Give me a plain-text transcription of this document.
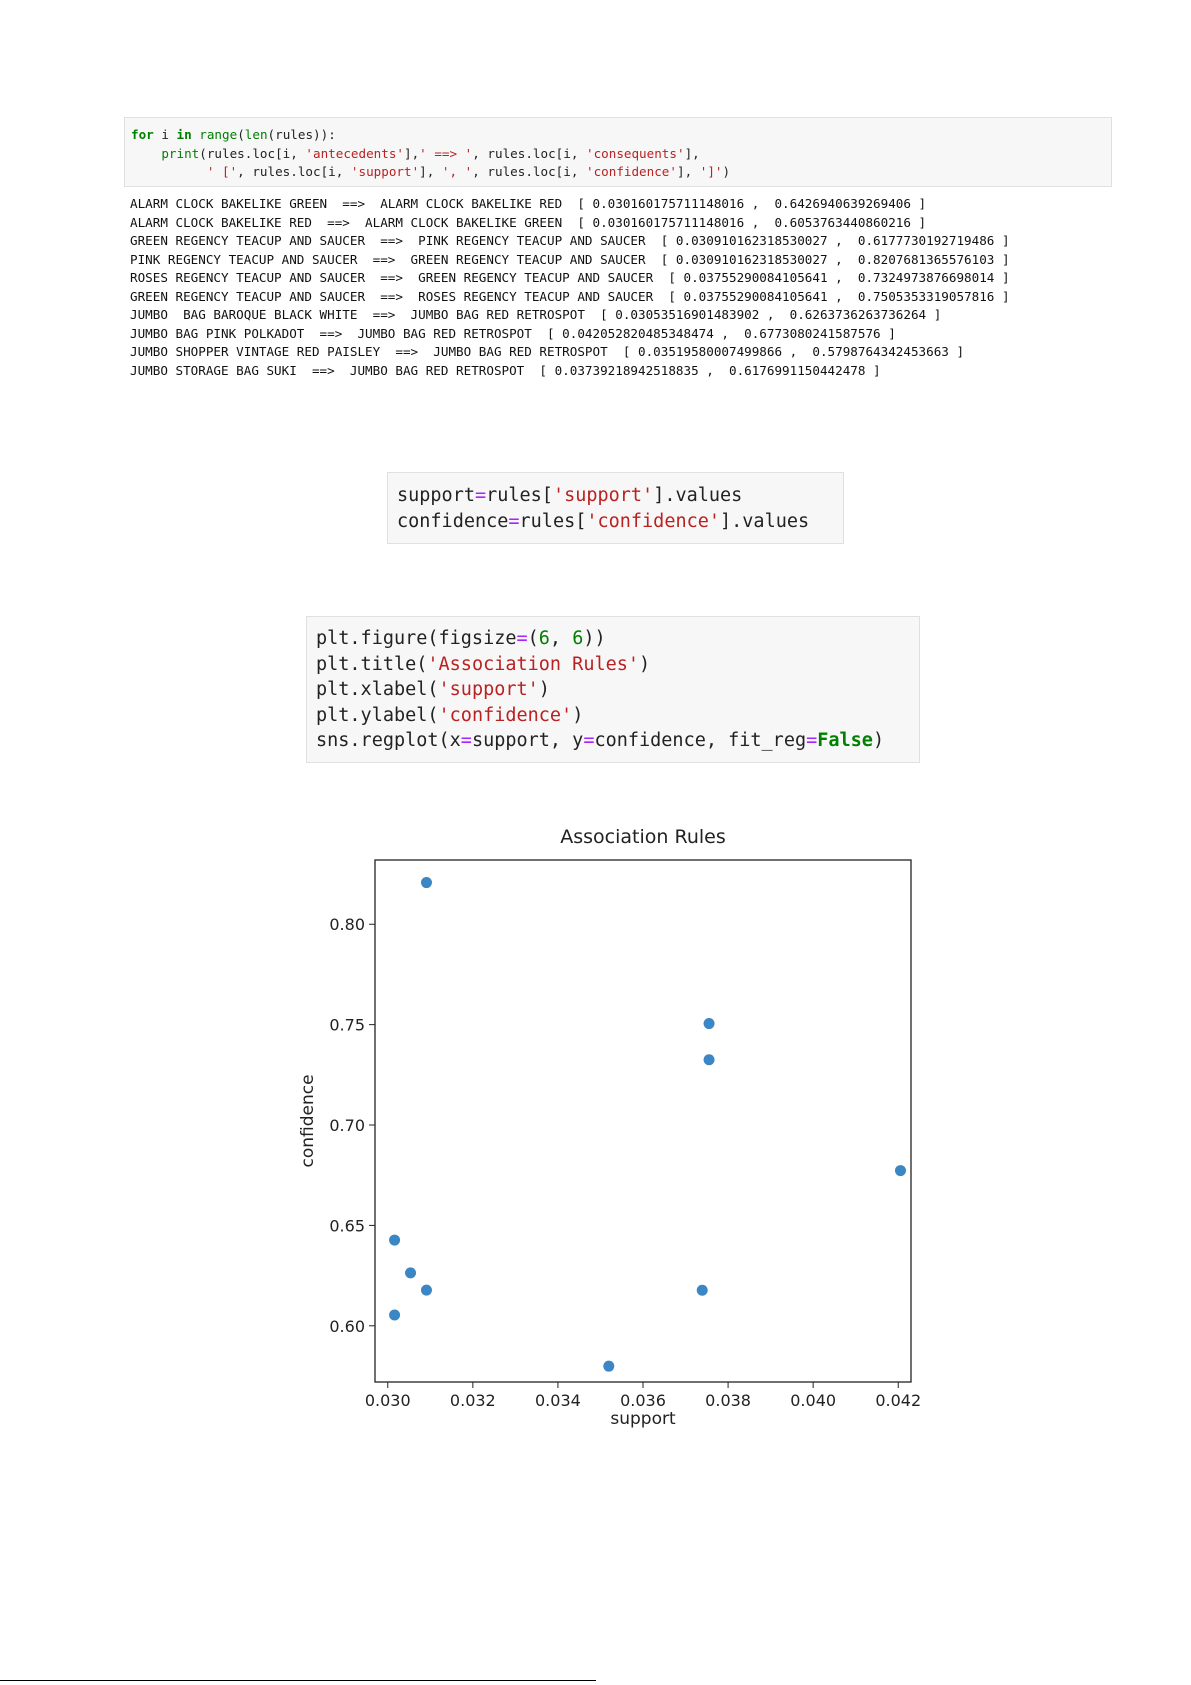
for i in range(len(rules)):
print(rules.loc[i, 'antecedents'],' ==> ', rules.loc[i, 'consequents'],
' [', rules.loc[i, 'support'], ', ', rules.loc[i, 'confidence'], ']')
ALARM CLOCK BAKELIKE GREEN  ==>  ALARM CLOCK BAKELIKE RED  [ 0.030160175711148016 ,  0.6426940639269406 ]
ALARM CLOCK BAKELIKE RED  ==>  ALARM CLOCK BAKELIKE GREEN  [ 0.030160175711148016 ,  0.6053763440860216 ]
GREEN REGENCY TEACUP AND SAUCER  ==>  PINK REGENCY TEACUP AND SAUCER  [ 0.030910162318530027 ,  0.6177730192719486 ]
PINK REGENCY TEACUP AND SAUCER  ==>  GREEN REGENCY TEACUP AND SAUCER  [ 0.030910162318530027 ,  0.8207681365576103 ]
ROSES REGENCY TEACUP AND SAUCER  ==>  GREEN REGENCY TEACUP AND SAUCER  [ 0.03755290084105641 ,  0.7324973876698014 ]
GREEN REGENCY TEACUP AND SAUCER  ==>  ROSES REGENCY TEACUP AND SAUCER  [ 0.03755290084105641 ,  0.7505353319057816 ]
JUMBO  BAG BAROQUE BLACK WHITE  ==>  JUMBO BAG RED RETROSPOT  [ 0.03053516901483902 ,  0.6263736263736264 ]
JUMBO BAG PINK POLKADOT  ==>  JUMBO BAG RED RETROSPOT  [ 0.042052820485348474 ,  0.6773080241587576 ]
JUMBO SHOPPER VINTAGE RED PAISLEY  ==>  JUMBO BAG RED RETROSPOT  [ 0.03519580007499866 ,  0.5798764342453663 ]
JUMBO STORAGE BAG SUKI  ==>  JUMBO BAG RED RETROSPOT  [ 0.03739218942518835 ,  0.6176991150442478 ]
support=rules['support'].values
confidence=rules['confidence'].values
plt.figure(figsize=(6, 6))
plt.title('Association Rules')
plt.xlabel('support')
plt.ylabel('confidence')
sns.regplot(x=support, y=confidence, fit_reg=False)
Association Rules
0.60
0.65
0.70
0.75
0.80
0.030 0.032 0.034 0.036 0.038 0.040 0.042
support
confidence
